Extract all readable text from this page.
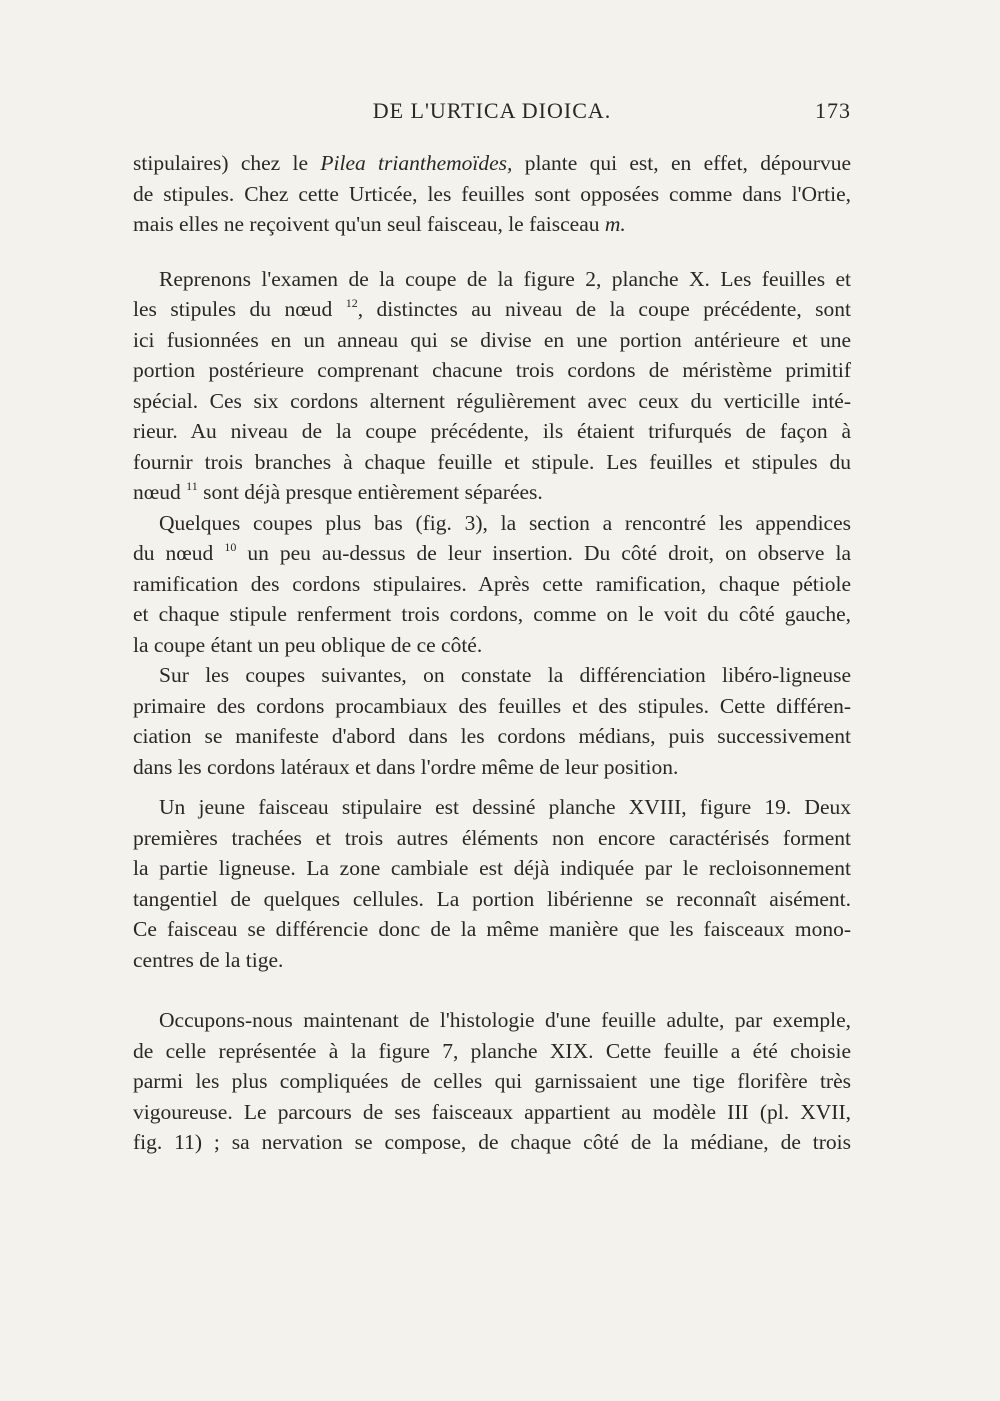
DE L'URTICA DIOICA.	173
stipulaires) chez le Pilea trianthemoïdes, plante qui est, en effet, dépourvue
de stipules. Chez cette Urticée, les feuilles sont opposées comme dans l'Ortie,
mais elles ne reçoivent qu'un seul faisceau, le faisceau m.
Reprenons l'examen de la coupe de la figure 2, planche X. Les feuilles et
les stipules du nœud $^{12}$, distinctes au niveau de la coupe précédente, sont
ici fusionnées en un anneau qui se divise en une portion antérieure et une
portion postérieure comprenant chacune trois cordons de méristème primitif
spécial. Ces six cordons alternent régulièrement avec ceux du verticille inté-
rieur. Au niveau de la coupe précédente, ils étaient trifurqués de façon à
fournir trois branches à chaque feuille et stipule. Les feuilles et stipules du
nœud $^{11}$ sont déjà presque entièrement séparées.
Quelques coupes plus bas (fig. 3), la section a rencontré les appendices
du nœud $^{10}$ un peu au-dessus de leur insertion. Du côté droit, on observe la
ramification des cordons stipulaires. Après cette ramification, chaque pétiole
et chaque stipule renferment trois cordons, comme on le voit du côté gauche,
la coupe étant un peu oblique de ce côté.
Sur les coupes suivantes, on constate la différenciation libéro-ligneuse
primaire des cordons procambiaux des feuilles et des stipules. Cette différen-
ciation se manifeste d'abord dans les cordons médians, puis successivement
dans les cordons latéraux et dans l'ordre même de leur position.
Un jeune faisceau stipulaire est dessiné planche XVIII, figure 19. Deux
premières trachées et trois autres éléments non encore caractérisés forment
la partie ligneuse. La zone cambiale est déjà indiquée par le recloisonnement
tangentiel de quelques cellules. La portion libérienne se reconnaît aisément.
Ce faisceau se différencie donc de la même manière que les faisceaux mono-
centres de la tige.
Occupons-nous maintenant de l'histologie d'une feuille adulte, par exemple,
de celle représentée à la figure 7, planche XIX. Cette feuille a été choisie
parmi les plus compliquées de celles qui garnissaient une tige florifère très
vigoureuse. Le parcours de ses faisceaux appartient au modèle III (pl. XVII,
fig. 11) ; sa nervation se compose, de chaque côté de la médiane, de trois
